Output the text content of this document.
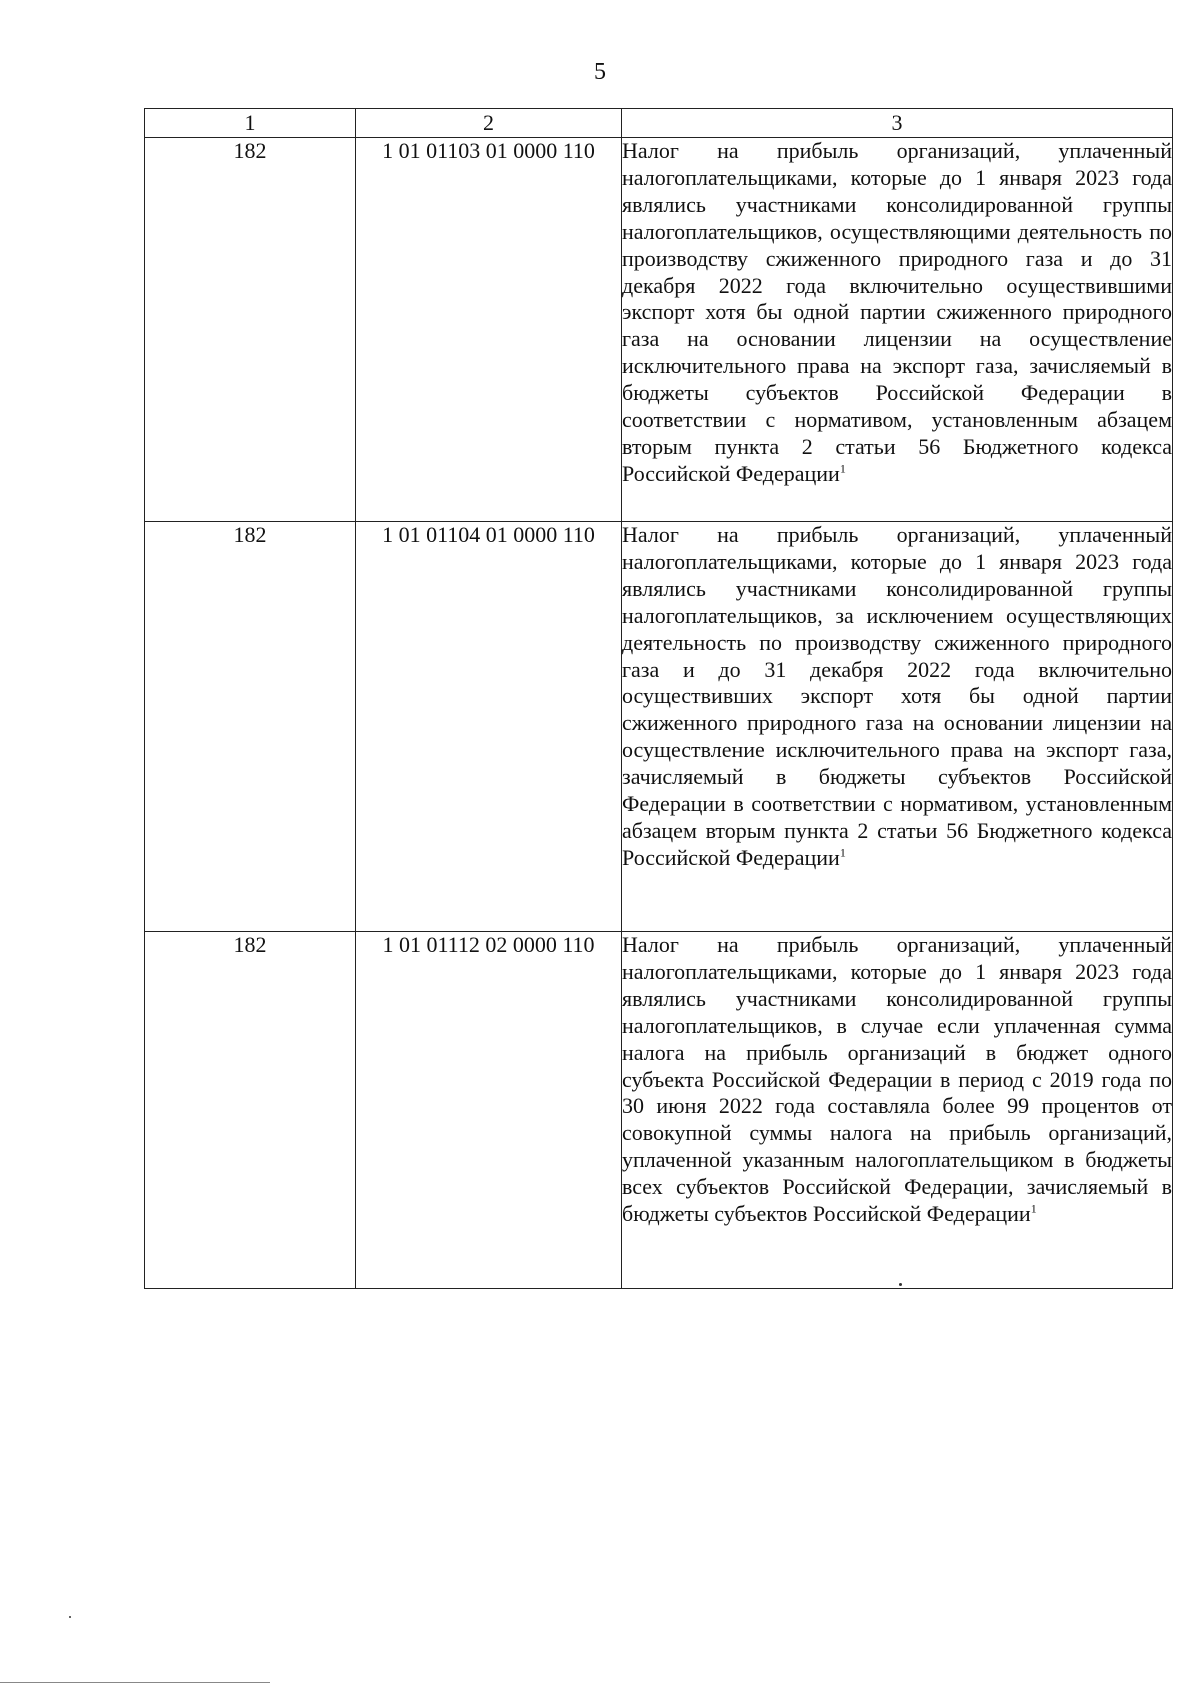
5
1	2	3
182	1 01 01103 01 0000 110	Налог на прибыль организаций, уплаченный налогоплательщиками, которые до 1 января 2023 года являлись участниками консолидированной группы налогоплательщиков, осуществляющими деятельность по производству сжиженного природного газа и до 31 декабря 2022 года включительно осуществившими экспорт хотя бы одной партии сжиженного природного газа на основании лицензии на осуществление исключительного права на экспорт газа, зачисляемый в бюджеты субъектов Российской Федерации в соответствии с нормативом, установленным абзацем вторым пункта 2 статьи 56 Бюджетного кодекса Российской Федерации$^1$
182	1 01 01104 01 0000 110	Налог на прибыль организаций, уплаченный налогоплательщиками, которые до 1 января 2023 года являлись участниками консолидированной группы налогоплательщиков, за исключением осуществляющих деятельность по производству сжиженного природного газа и до 31 декабря 2022 года включительно осуществивших экспорт хотя бы одной партии сжиженного природного газа на основании лицензии на осуществление исключительного права на экспорт газа, зачисляемый в бюджеты субъектов Российской Федерации в соответствии с нормативом, установленным абзацем вторым пункта 2 статьи 56 Бюджетного кодекса Российской Федерации$^1$
182	1 01 01112 02 0000 110	Налог на прибыль организаций, уплаченный налогоплательщиками, которые до 1 января 2023 года являлись участниками консолидированной группы налогоплательщиков, в случае если уплаченная сумма налога на прибыль организаций в бюджет одного субъекта Российской Федерации в период с 2019 года по 30 июня 2022 года составляла более 99 процентов от совокупной суммы налога на прибыль организаций, уплаченной указанным налогоплательщиком в бюджеты всех субъектов Российской Федерации, зачисляемый в бюджеты субъектов Российской Федерации$^1$
